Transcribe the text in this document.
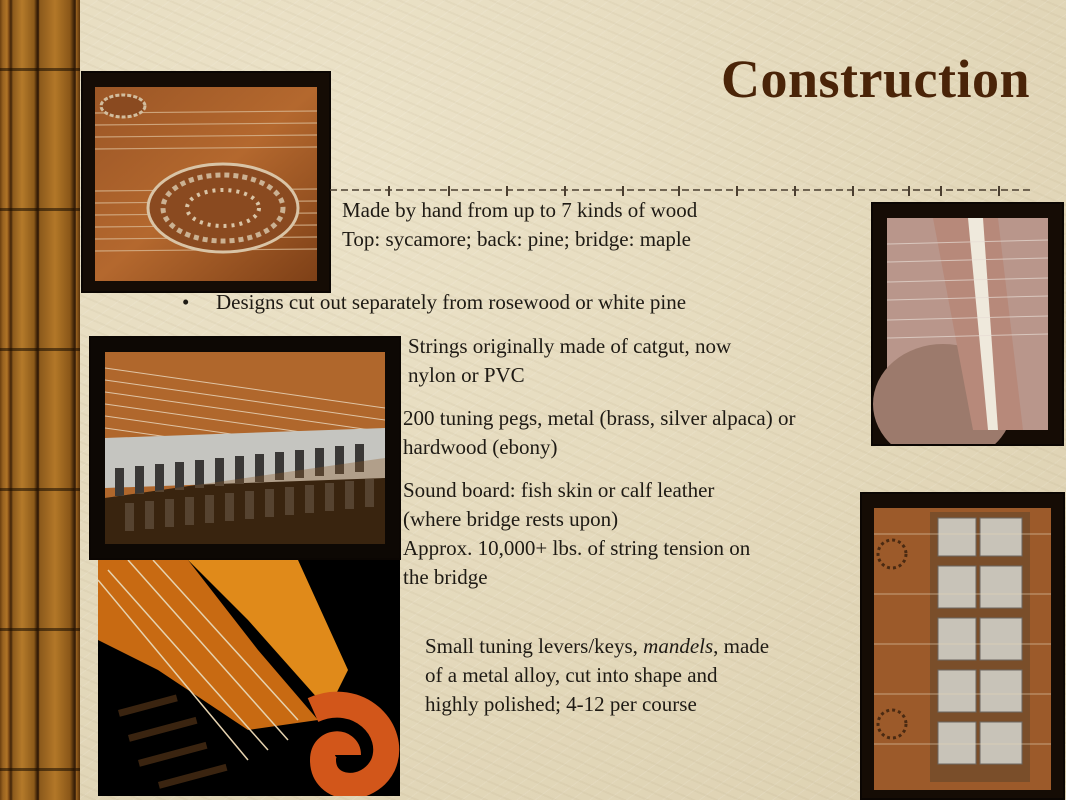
Construction
Made by hand from up to 7 kinds of wood
Top: sycamore; back: pine; bridge: maple
• Designs cut out separately from rosewood or white pine
Strings originally made of catgut, now
nylon or PVC
200 tuning pegs, metal (brass, silver alpaca) or
hardwood (ebony)
Sound board: fish skin or calf leather
(where bridge rests upon)
Approx. 10,000+ lbs. of string tension on
the bridge
Small tuning levers/keys, mandels, made
of a metal alloy, cut into shape and
highly polished; 4-12 per course
